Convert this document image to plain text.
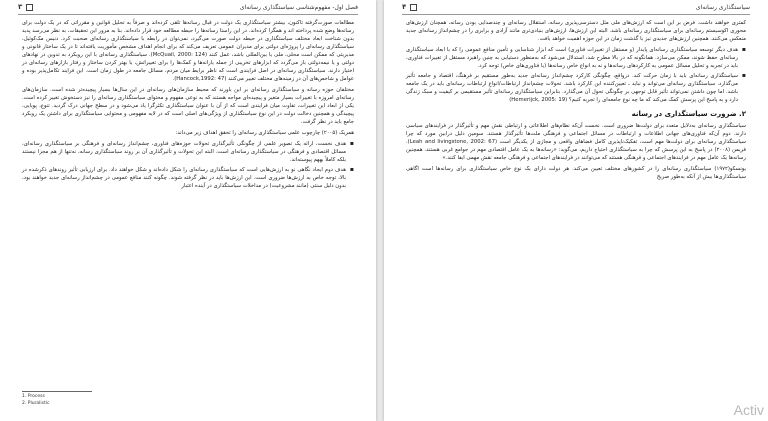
فصل اول- مفهوم‌شناسی سیاستگذاری رسانه‌ای
۳

مطالعات صورت‌گرفته تاکنون، بیشتر سیاستگذاری یک دولت در قبال رسانه‌ها تلقی کرده‌اند و صرفاً به تحلیل قوانین و مقرراتی که در یک دولت برای رسانه‌ها وضع شده پرداخته اند و همگرا کرده‌اند. در این راستا رسانه‌ها را حیطه مطالعه خود قرار داده‌اند. بنا به مرور این تحقیقات، به نظر می‌رسد پدید بدون شناخت ابعاد مختلف سیاستگذاری در حیطه دولت صورت می‌گیرد، نمی‌توان در رابطه با سیاستگذاری رسانه‌ای صحبت کرد. دنیس مک‌کوئیل، سیاستگذاری رسانه‌ای را پروژه‌ای دولتی برای مدیران عمومی تعریف می‌کند که برای انجام اهداف مشخص مأموریت یافته‌اند تا در یک ساختار قانونی و مدیریتی که ممکن است محلی، ملی یا بین‌المللی باشد، عمل کنند (McQuail, 2000: 124). سیاستگذاری رسانه‌ای با این رویکرد به تدوین در نهادهای دولتی و یا نیمه‌دولتی باز می‌گردد که ابزارهای تخریبی از جمله یارانه‌ها و کمک‌ها را برای تغییراتش، یا بهتر کردن ساختار و رفتار بازارهای رسانه‌ای در اختیار دارند. سیاستگذاری رسانه‌ای در اصل فرایندی است که ناظر برایط میان مردم، مسائل جامعه در طول زمان است. این فرایند تکامل‌پذیر بوده و عوامل و شاخص‌های آن در زمینه‌های مختلف تغییر می‌کنند (Hancock,1992: 47).

مختلفان حوزه رسانه و سیاستگذاری رسانه‌ای بر این باورند که محیط سازمان‌های رسانه‌ای در این سال‌ها بسیار پیچیده‌تر شده است. سازمان‌های رسانه‌ای امروزه با تغییرات بسیار متغیر و پیچیده‌ای مواجه هستند که به نوعی مفهوم و محتوای سیاستگذاری رسانه‌ای را نیز دستخوش تغییر کرده است. یکی از ابعاد این تغییرات، تفاوت میان فرایندی است که از آن با عنوان سیاستگذاری تکثرگرا یاد می‌شود و در سطح جهانی درک گردید. تنوع، پویایی، پیچیدگی و همچنین دخالت دولت در این نوع سیاستگذاری از ویژگی‌های اصلی است که در لایه مفهومی و محتوایی سیاستگذاری برای داشتن یک رویکرد جامع باید در نظر گرفت.

همریک (۲۰۰۵) چارچوب علمی سیاستگذاری رسانه‌ای را تحقق اهداف زیر می‌داند:

▪ هدف نخست، ارائه یک تصویر علمی از چگونگی تأثیرگذاری تحولات حوزه‌های فناوری، چشم‌انداز رسانه‌ای و فرهنگی بر سیاستگذاری رسانه‌ای، مسائل اقتصادی و فرهنگی در سیاستگذاری رسانه‌ای است. البته این تحولات و تأثیرگذاری آن بر روند سیاستگذاری رسانه، نه‌تنها از هم مجزا نیستند بلکه کاملاً بههم پیوسته‌اند.
▪ هدف دوم ایجاد نگاهی نو به ارزش‌هایی است که سیاستگذاری رسانه‌ای را شکل داده‌اند و شکل خواهند داد. برای ارزیابی تأثیر روندهای ذکرشده در بالا، توجه خاص به ارزش‌ها ضروری است. این ارزش‌ها باید در نظر گرفته شوند. چگونه کنند منافع عمومی در چشم‌انداز رسانه‌ای جدید خواهند بود، بدون دلیل سنتی (مانند مشروعیت) در مداخلات سیاستگذاری در آینده اعتبار
1. Process
2. Pluralistic
سیاستگذاری رسانه‌ای
۴

کمتری خواهند داشت. فرض بر این است که ارزش‌های ملی مثل دسترسی‌پذیری رسانه، استقلال رسانه‌ای و چندصدایی بودن رسانه، همچنان ارزش‌های محوری اکوسیستم رسانه‌ای برای سیاستگذاری رسانه‌ای باشد. البته این ارزش‌ها، ارزش‌های بنیادی‌تری مانند آزادی و برابری را در چشم‌انداز رسانه‌ای جدید منعکس می‌کنند. همچنین ارزش‌های جدیدی نیز با گذشت زمان در این حوزه اهمیت خواهد یافت.

▪ هدف دیگر توسعه سیاستگذاری رسانه‌ای پایدار (و مستقل از تغییرات فناوری) است که ابزار شناسایی و تأمین منافع عمومی را که با ابعاد سیاستگذاری رسانه‌ای حفظ شوند، ممکن می‌سازد. همانگونه که در بالا مطرح شد، استدلال می‌شود که به‌منظور دستیابی به چنین راهبرد مستقل از تغییرات فناوری، باید در تجربه و تحلیل مسائل عمومی به کارکردهای رسانه‌ها و نه به انواع خاص رسانه‌ها (یا فناوری‌های خاص) توجه کرد.
▪ سیاستگذاری رسانه‌ای باید با زمان حرکت کند. درواقع، چگونگی کارکرد چشم‌انداز رسانه‌ای جدید به‌طور مستقیم بر فرهنگ، اقتصاد و جامعه تأثیر می‌گذارد. سیاستگذاری رسانه‌ای می‌تواند و نباید ـ تعیین‌کننده این کارکرد باشد. تحولات چشم‌انداز ارتباطات/انواع ارتباطات رسانه‌ای باید در یک جامعه باشد. اما چون داشتن نمی‌تواند تأثیر قابل توجهی بر چگونگی تحول آن می‌گذارد. بنابراین سیاستگذاری رسانه‌ای تأثیر مستقیمی بر کیفیت و سبک زندگی دارد و به پاسخ این پرسش کمک می‌کند که ما چه نوع جامعه‌ای را تجربه کنیم؟ (Hemerijck, 2005: 19)
۲. ضرورت سیاستگذاری در رسانه

سیاستگذاری رسانه‌ای به‌دلایل متعدد برای دولت‌ها ضروری است. نخست آن‌که نظام‌های اطلاعاتی و ارتباطی نقش مهم و تأثیرگذار در فرایندهای سیاسی دارند. دوم آن‌که فناوری‌های جهانی اطلاعات و ارتباطات در مسائل اجتماعی و فرهنگی ملت‌ها تأثیرگذار هستند. سومین دلیل درابین مورد که چرا سیاستگذاری رسانه‌ای برای دولت‌ها مهم است، تفکیک‌ناپذیری کامل فضاهای واقعی و مجازی از یکدیگر است (Leah and livingstone, 2002: 67). فریمن (۲۰۰۸) در پاسخ به این پرسش که چرا به سیاستگذاری احتیاج داریم، می‌گوید: «رسانه‌ها به یک عامل اقتصادی مهم در جوامع غربی هستند. همچنین رسانه‌ها یک عامل مهم در فرایندهای اجتماعی و فرهنگی هستند که می‌توانند در فرایندهای اجتماعی و فرهنگی جامعه نقش مهمی ایفا کنند.»

یونسکو(۱۹۷۲) سیاستگذاری رسانه‌ای را در کشورهای مختلف تعیین می‌کند. هر دولت دارای یک نوع خاص سیاستگذاری برای رسانه‌ها است اگاهی سیاستگذاری‌ها بیش از آنکه به‌طور صریح

Activ
